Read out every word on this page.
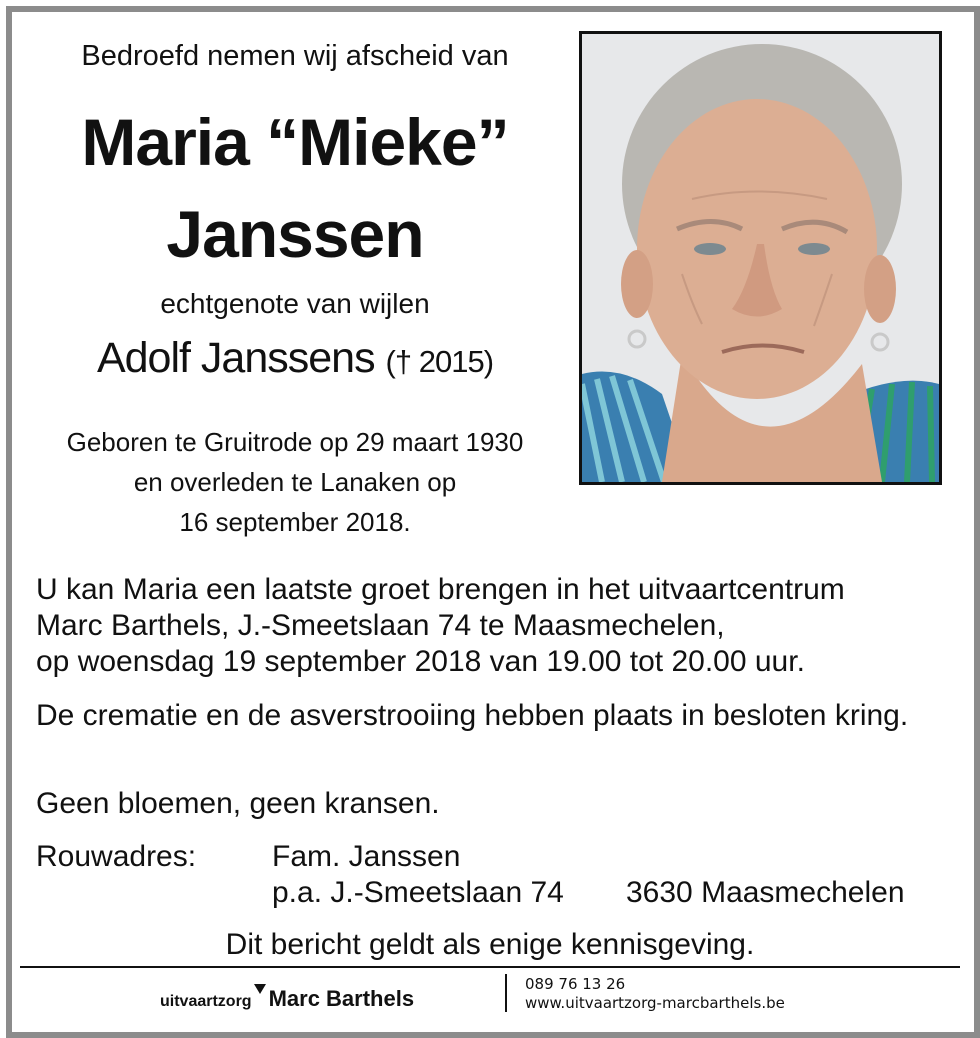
Bedroefd nemen wij afscheid van
Maria “Mieke”
Janssen
echtgenote van wijlen
Adolf Janssens († 2015)
Geboren te Gruitrode op 29 maart 1930
en overleden te Lanaken op
16 september 2018.
U kan Maria een laatste groet brengen in het uitvaartcentrum
Marc Barthels, J.-Smeetslaan 74 te Maasmechelen,
op woensdag 19 september 2018 van 19.00 tot 20.00 uur.
De crematie en de asverstrooiing hebben plaats in besloten kring.
Geen bloemen, geen kransen.
Rouwadres:	Fam. Janssen
p.a. J.-Smeetslaan 74 3630 Maasmechelen
Dit bericht geldt als enige kennisgeving.
uitvaartzorg Marc Barthels
089 76 13 26
www.uitvaartzorg-marcbarthels.be
